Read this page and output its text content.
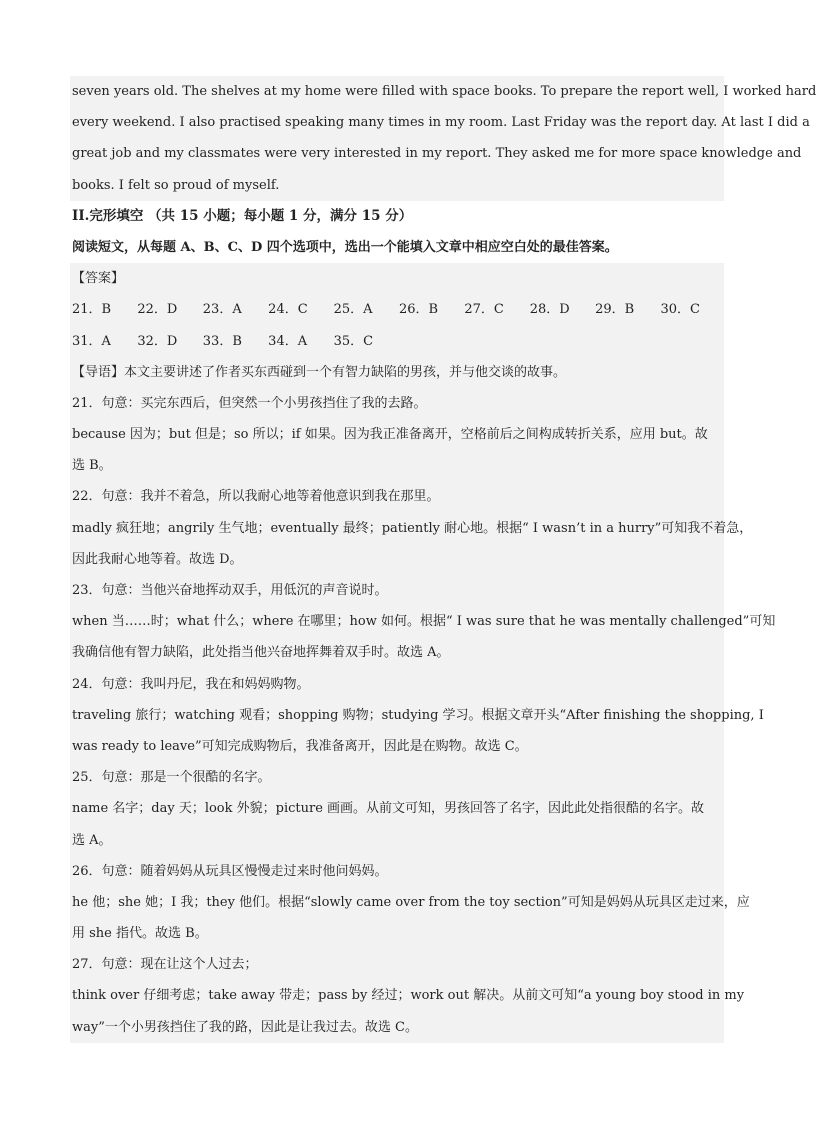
seven years old. The shelves at my home were filled with space books. To prepare the report well, I worked hard
every weekend. I also practised speaking many times in my room. Last Friday was the report day. At last I did a
great job and my classmates were very interested in my report. They asked me for more space knowledge and
books. I felt so proud of myself.
II.完形填空 （共 15 小题；每小题 1 分，满分 15 分）
阅读短文，从每题 A、B、C、D 四个选项中，选出一个能填入文章中相应空白处的最佳答案。
【答案】
21．B	22．D	23．A	24．C	25．A	26．B	27．C	28．D	29．B	30．C
31．A	32．D	33．B	34．A	35．C
【导语】本文主要讲述了作者买东西碰到一个有智力缺陷的男孩，并与他交谈的故事。
21．句意：买完东西后，但突然一个小男孩挡住了我的去路。
because 因为；but 但是；so 所以；if 如果。因为我正准备离开，空格前后之间构成转折关系，应用 but。故
选 B。
22．句意：我并不着急，所以我耐心地等着他意识到我在那里。
madly 疯狂地；angrily 生气地；eventually 最终；patiently 耐心地。根据“ I wasn’t in a hurry”可知我不着急，
因此我耐心地等着。故选 D。
23．句意：当他兴奋地挥动双手，用低沉的声音说时。
when 当……时；what 什么；where 在哪里；how 如何。根据“ I was sure that he was mentally challenged”可知
我确信他有智力缺陷，此处指当他兴奋地挥舞着双手时。故选 A。
24．句意：我叫丹尼，我在和妈妈购物。
traveling 旅行；watching 观看；shopping 购物；studying 学习。根据文章开头“After finishing the shopping, I
was ready to leave”可知完成购物后，我准备离开，因此是在购物。故选 C。
25．句意：那是一个很酷的名字。
name 名字；day 天；look 外貌；picture 画画。从前文可知，男孩回答了名字，因此此处指很酷的名字。故
选 A。
26．句意：随着妈妈从玩具区慢慢走过来时他问妈妈。
he 他；she 她；I 我；they 他们。根据“slowly came over from the toy section”可知是妈妈从玩具区走过来，应
用 she 指代。故选 B。
27．句意：现在让这个人过去；
think over 仔细考虑；take away 带走；pass by 经过；work out 解决。从前文可知“a young boy stood in my
way”一个小男孩挡住了我的路，因此是让我过去。故选 C。
